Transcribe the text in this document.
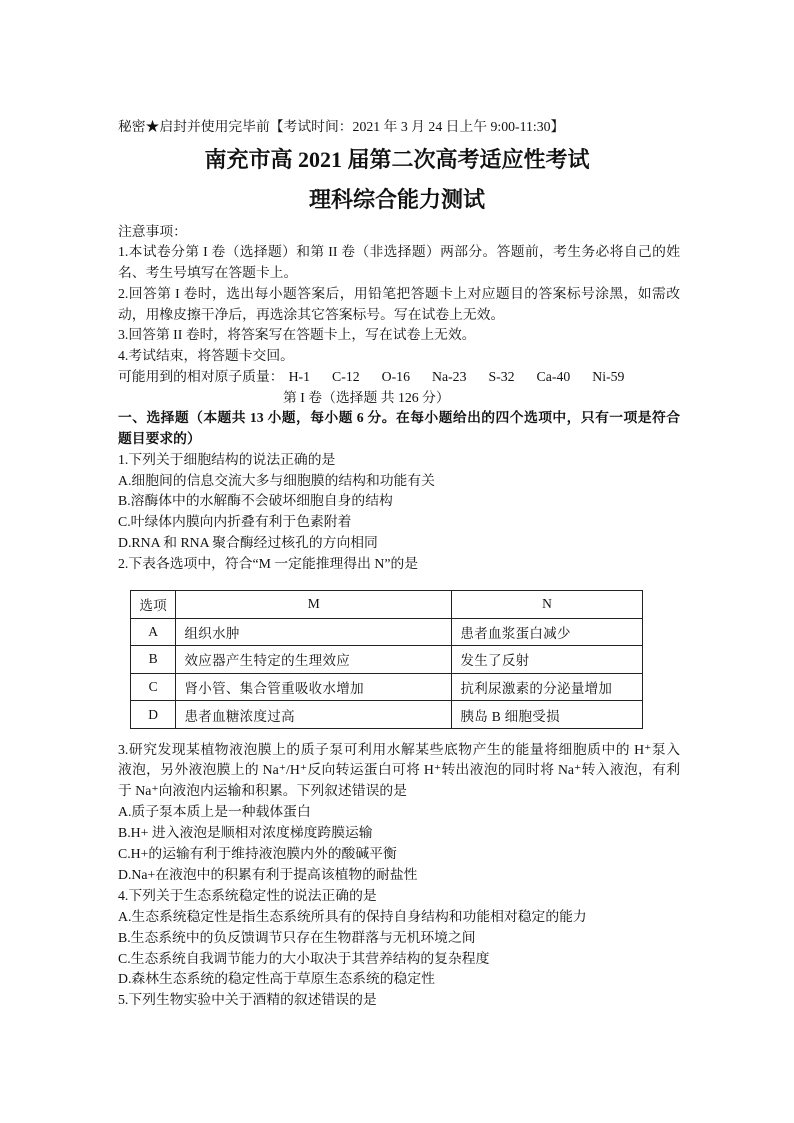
秘密★启封并使用完毕前【考试时间：2021 年 3 月 24 日上午 9:00-11:30】
南充市高 2021 届第二次高考适应性考试
理科综合能力测试
注意事项：
1.本试卷分第 I 卷（选择题）和第 II 卷（非选择题）两部分。答题前，考生务必将自己的姓
名、考生号填写在答题卡上。
2.回答第 I 卷时，选出每小题答案后，用铅笔把答题卡上对应题目的答案标号涂黑，如需改
动，用橡皮擦干净后，再选涂其它答案标号。写在试卷上无效。
3.回答第 II 卷时，将答案写在答题卡上，写在试卷上无效。
4.考试结束，将答题卡交回。
可能用到的相对原子质量： H-1 C-12 O-16 Na-23 S-32 Ca-40 Ni-59
第 I 卷（选择题 共 126 分）
一、选择题（本题共 13 小题，每小题 6 分。在每小题给出的四个选项中，只有一项是符合
题目要求的）
1.下列关于细胞结构的说法正确的是
A.细胞间的信息交流大多与细胞膜的结构和功能有关
B.溶酶体中的水解酶不会破坏细胞自身的结构
C.叶绿体内膜向内折叠有利于色素附着
D.RNA 和 RNA 聚合酶经过核孔的方向相同
2.下表各选项中，符合“M 一定能推理得出 N”的是
选项	M	N
A	组织水肿	患者血浆蛋白减少
B	效应器产生特定的生理效应	发生了反射
C	肾小管、集合管重吸收水增加	抗利尿激素的分泌量增加
D	患者血糖浓度过高	胰岛 B 细胞受损
3.研究发现某植物液泡膜上的质子泵可利用水解某些底物产生的能量将细胞质中的 H⁺泵入
液泡，另外液泡膜上的 Na⁺/H⁺反向转运蛋白可将 H⁺转出液泡的同时将 Na⁺转入液泡，有利
于 Na⁺向液泡内运输和积累。下列叙述错误的是
A.质子泵本质上是一种载体蛋白
B.H+ 进入液泡是顺相对浓度梯度跨膜运输
C.H+的运输有利于维持液泡膜内外的酸碱平衡
D.Na+在液泡中的积累有利于提高该植物的耐盐性
4.下列关于生态系统稳定性的说法正确的是
A.生态系统稳定性是指生态系统所具有的保持自身结构和功能相对稳定的能力
B.生态系统中的负反馈调节只存在生物群落与无机环境之间
C.生态系统自我调节能力的大小取决于其营养结构的复杂程度
D.森林生态系统的稳定性高于草原生态系统的稳定性
5.下列生物实验中关于酒精的叙述错误的是
